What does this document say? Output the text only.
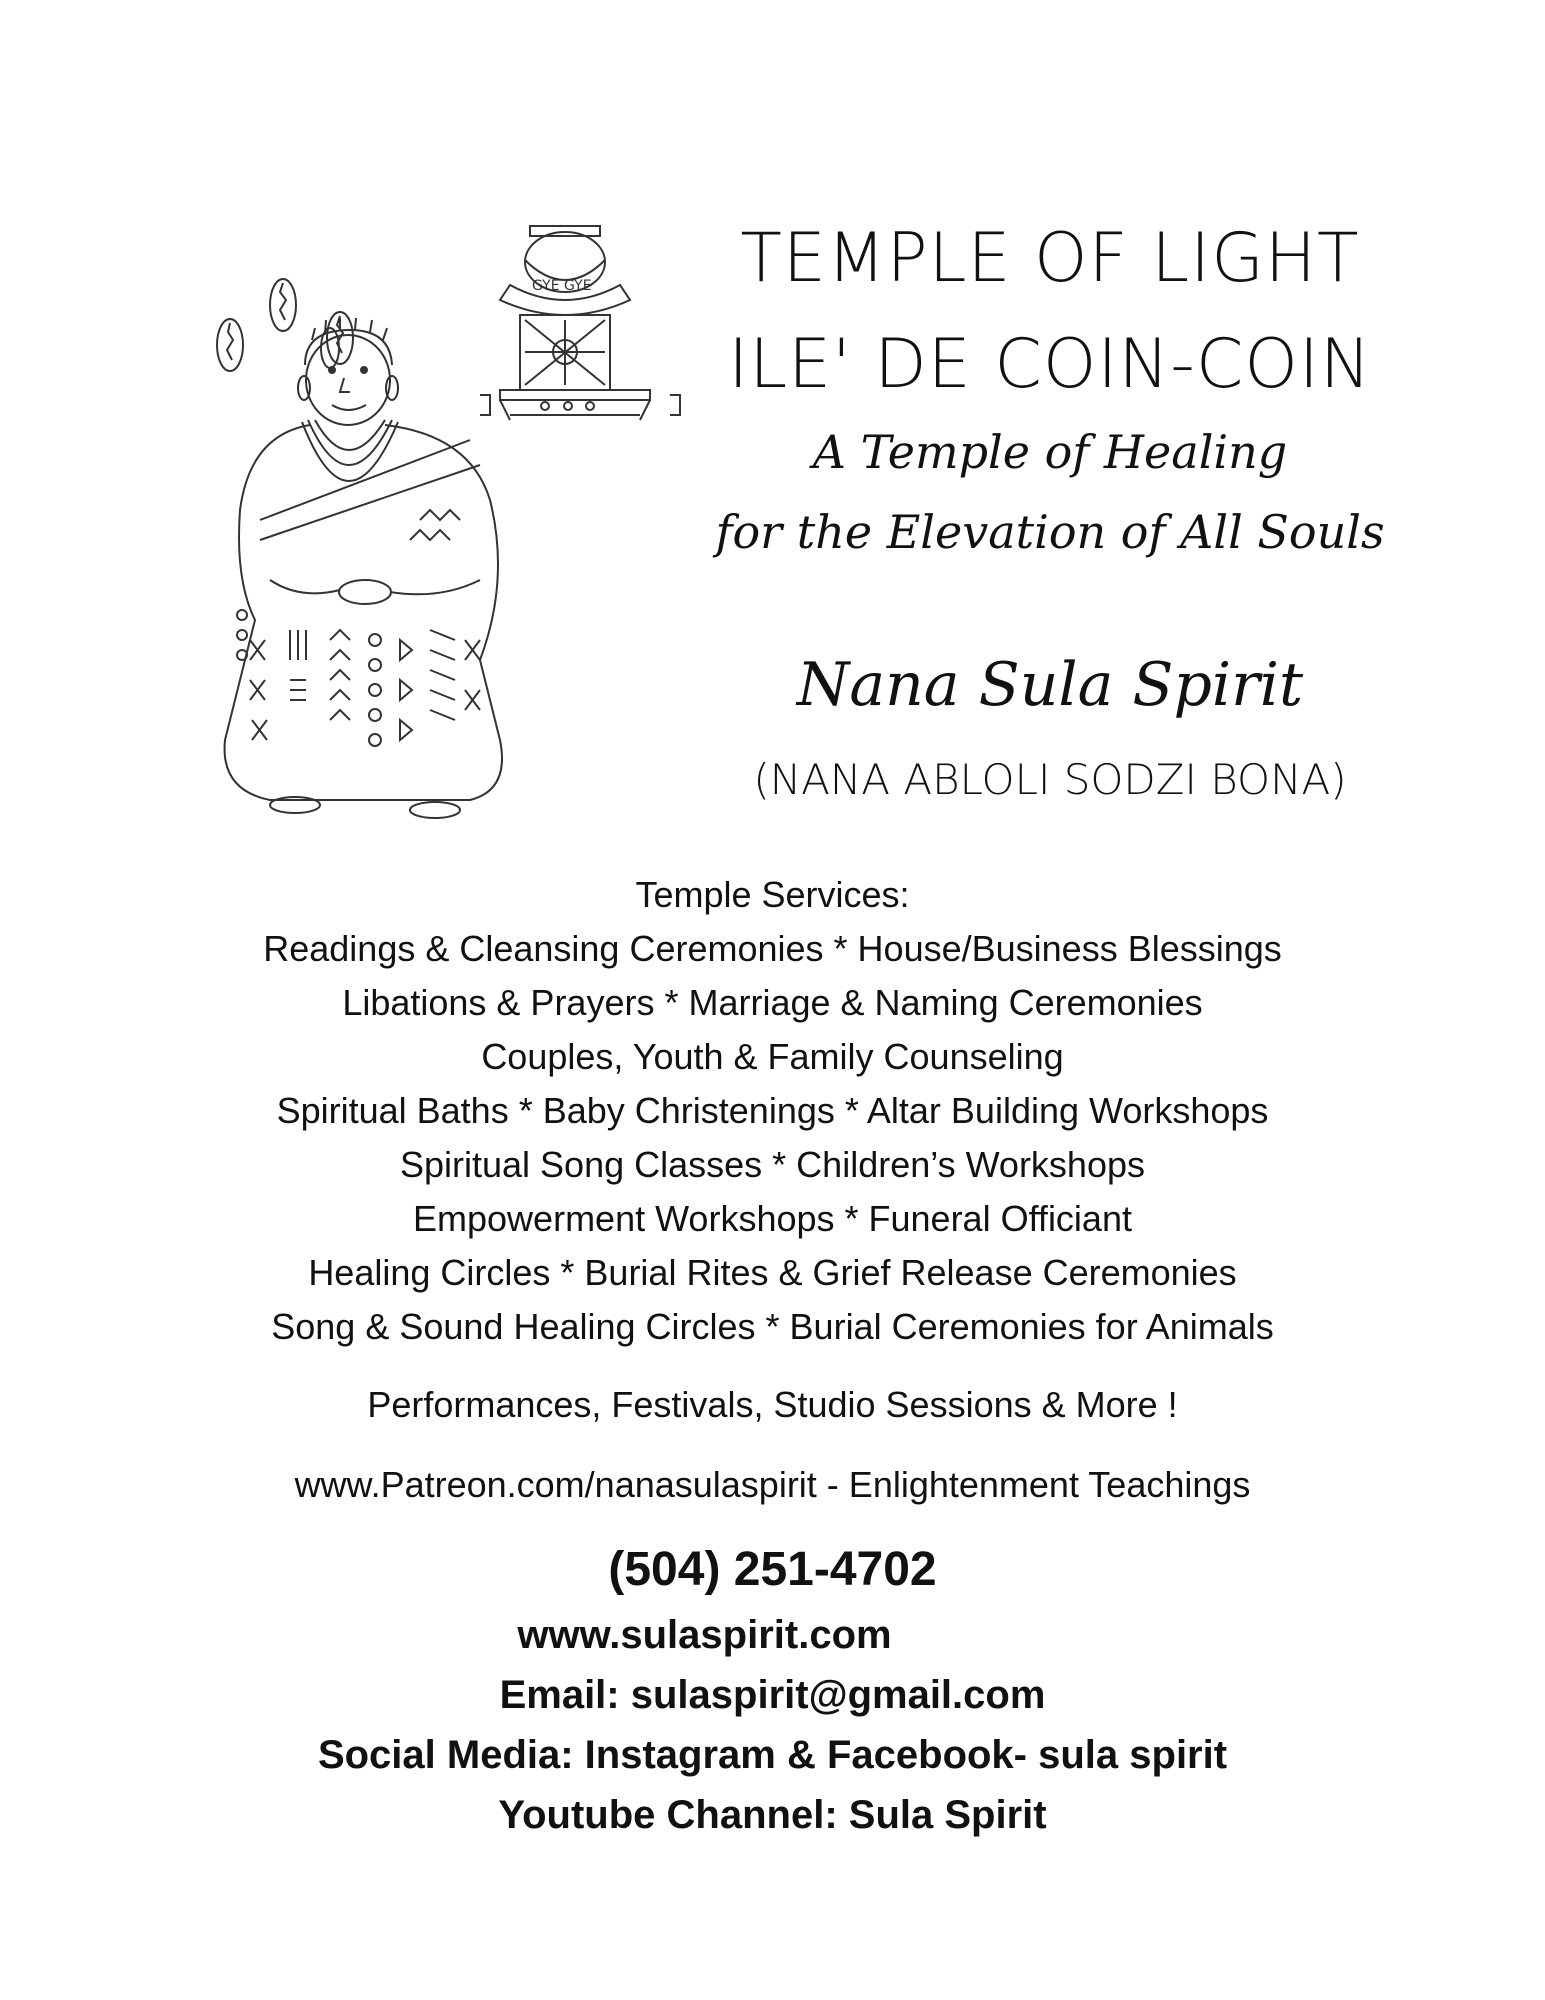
GYE GYE	TEMPLE OF LIGHT
ILE' DE COIN-COIN
A Temple of Healing
for the Elevation of All Souls
Nana Sula Spirit
(NANA ABLOLI SODZI BONA)
Temple Services:
Readings & Cleansing Ceremonies * House/Business Blessings
Libations & Prayers * Marriage & Naming Ceremonies
Couples, Youth & Family Counseling
Spiritual Baths * Baby Christenings * Altar Building Workshops
Spiritual Song Classes * Children’s Workshops
Empowerment Workshops * Funeral Officiant
Healing Circles * Burial Rites & Grief Release Ceremonies
Song & Sound Healing Circles * Burial Ceremonies for Animals
Performances, Festivals, Studio Sessions & More !
www.Patreon.com/nanasulaspirit - Enlightenment Teachings
(504) 251-4702
www.sulaspirit.com
Email: sulaspirit@gmail.com
Social Media: Instagram & Facebook- sula spirit
Youtube Channel: Sula Spirit
